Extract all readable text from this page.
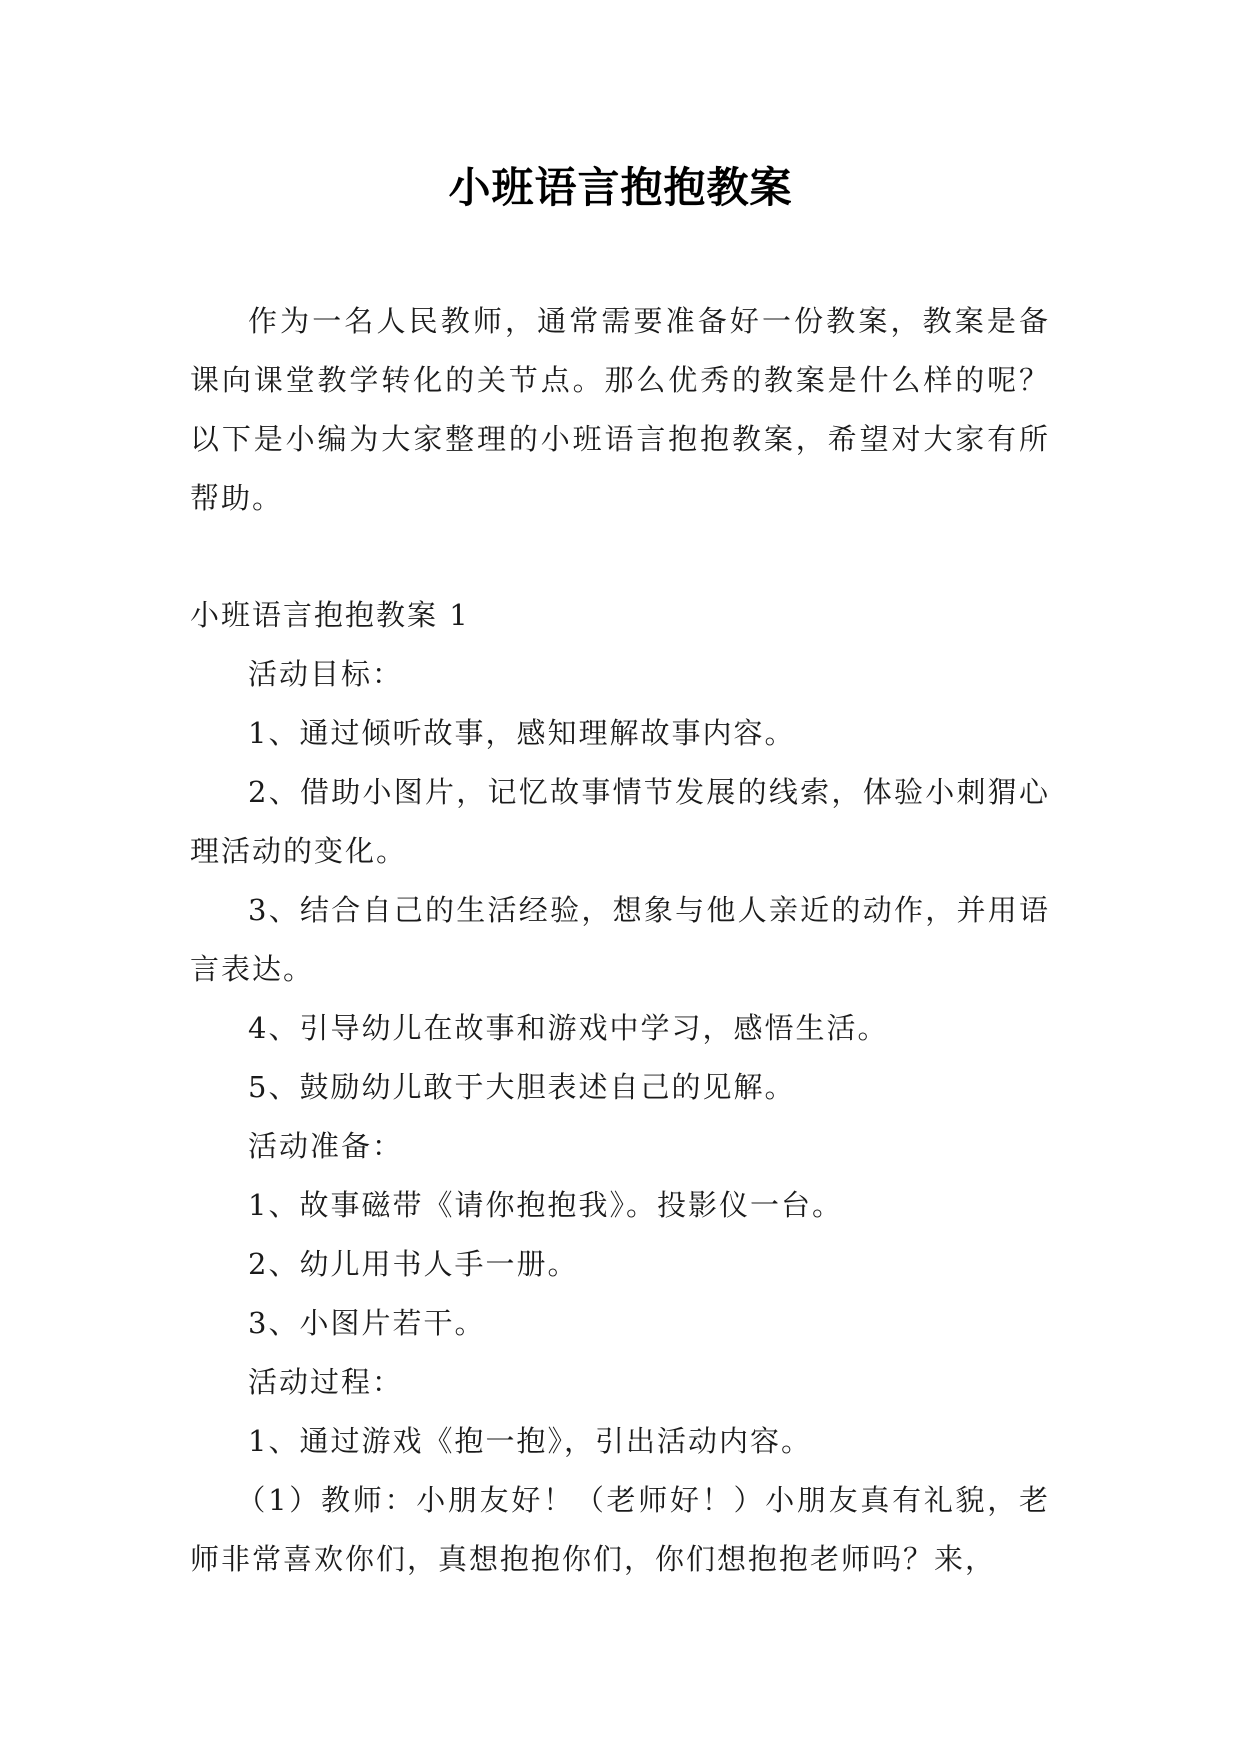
小班语言抱抱教案

作为一名人民教师，通常需要准备好一份教案，教案是备课向课堂教学转化的关节点。那么优秀的教案是什么样的呢？以下是小编为大家整理的小班语言抱抱教案，希望对大家有所帮助。

小班语言抱抱教案 1

活动目标：

1、通过倾听故事，感知理解故事内容。

2、借助小图片，记忆故事情节发展的线索，体验小刺猬心理活动的变化。

3、结合自己的生活经验，想象与他人亲近的动作，并用语言表达。

4、引导幼儿在故事和游戏中学习，感悟生活。

5、鼓励幼儿敢于大胆表述自己的见解。

活动准备：

1、故事磁带《请你抱抱我》。投影仪一台。

2、幼儿用书人手一册。

3、小图片若干。

活动过程：

1、通过游戏《抱一抱》，引出活动内容。

（1）教师：小朋友好！（老师好！）小朋友真有礼貌，老师非常喜欢你们，真想抱抱你们，你们想抱抱老师吗？来，
